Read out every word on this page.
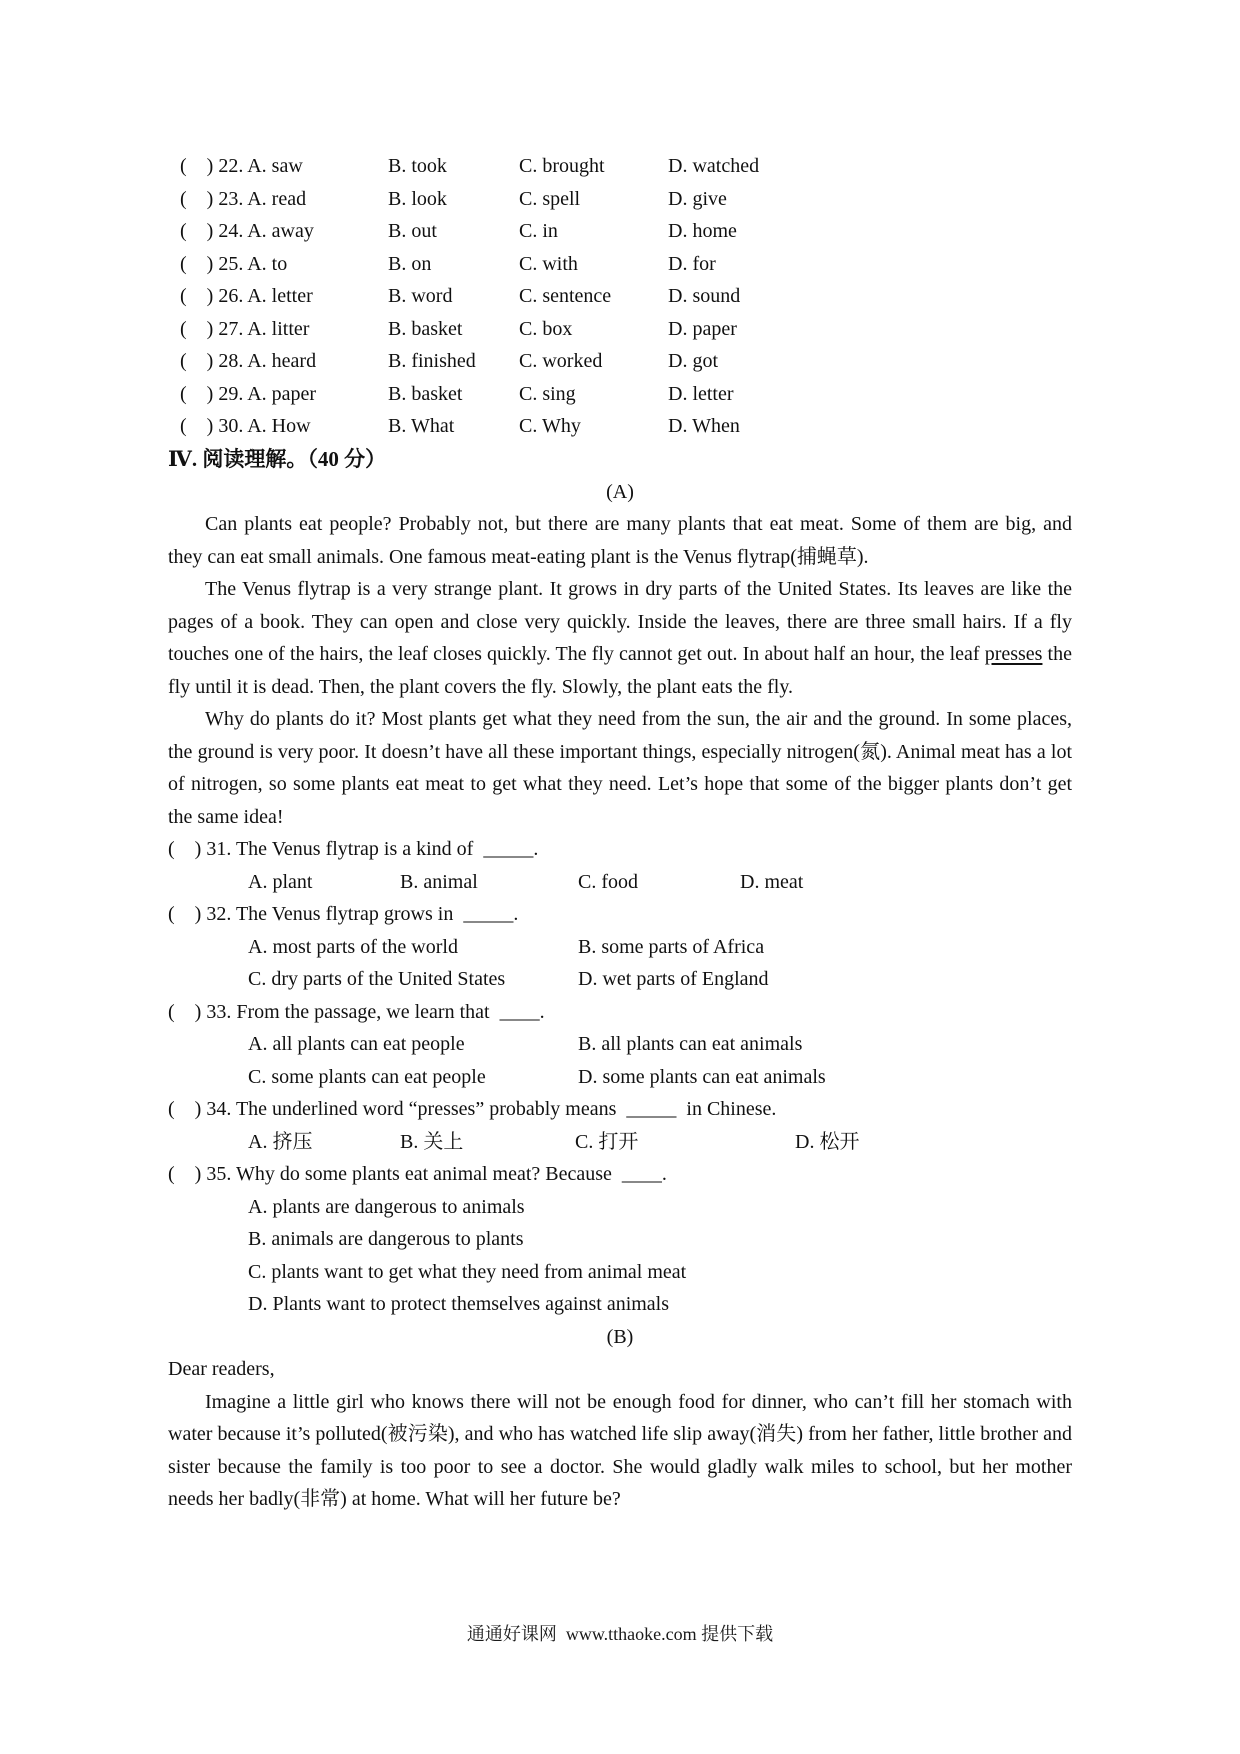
(    ) 22. A. saw	B. took	C. brought	D. watched
(    ) 23. A. read	B. look	C. spell	D. give
(    ) 24. A. away	B. out	C. in	D. home
(    ) 25. A. to	B. on	C. with	D. for
(    ) 26. A. letter	B. word	C. sentence	D. sound
(    ) 27. A. litter	B. basket	C. box	D. paper
(    ) 28. A. heard	B. finished	C. worked	D. got
(    ) 29. A. paper	B. basket	C. sing	D. letter
(    ) 30. A. How	B. What	C. Why	D. When
Ⅳ. 阅读理解。（40 分）
(A)

Can plants eat people? Probably not, but there are many plants that eat meat. Some of them are big, and they can eat small animals. One famous meat-eating plant is the Venus flytrap(捕蝇草).

The Venus flytrap is a very strange plant. It grows in dry parts of the United States. Its leaves are like the pages of a book. They can open and close very quickly. Inside the leaves, there are three small hairs. If a fly touches one of the hairs, the leaf closes quickly. The fly cannot get out. In about half an hour, the leaf presses the fly until it is dead. Then, the plant covers the fly. Slowly, the plant eats the fly.

Why do plants do it? Most plants get what they need from the sun, the air and the ground. In some places, the ground is very poor. It doesn’t have all these important things, especially nitrogen(氮). Animal meat has a lot of nitrogen, so some plants eat meat to get what they need. Let’s hope that some of the bigger plants don’t get the same idea!

(    ) 31. The Venus flytrap is a kind of  _____.
A. plant	B. animal	C. food	D. meat
(    ) 32. The Venus flytrap grows in  _____.
A. most parts of the world	B. some parts of Africa
C. dry parts of the United States	D. wet parts of England
(    ) 33. From the passage, we learn that  ____.
A. all plants can eat people	B. all plants can eat animals
C. some plants can eat people	D. some plants can eat animals
(    ) 34. The underlined word “presses” probably means  _____  in Chinese.
A. 挤压	B. 关上	C. 打开	D. 松开
(    ) 35. Why do some plants eat animal meat? Because  ____.
A. plants are dangerous to animals
B. animals are dangerous to plants
C. plants want to get what they need from animal meat
D. Plants want to protect themselves against animals
(B)
Dear readers,

Imagine a little girl who knows there will not be enough food for dinner, who can’t fill her stomach with water because it’s polluted(被污染), and who has watched life slip away(消失) from her father, little brother and sister because the family is too poor to see a doctor. She would gladly walk miles to school, but her mother needs her badly(非常) at home. What will her future be?

通通好课网  www.tthaoke.com 提供下载
